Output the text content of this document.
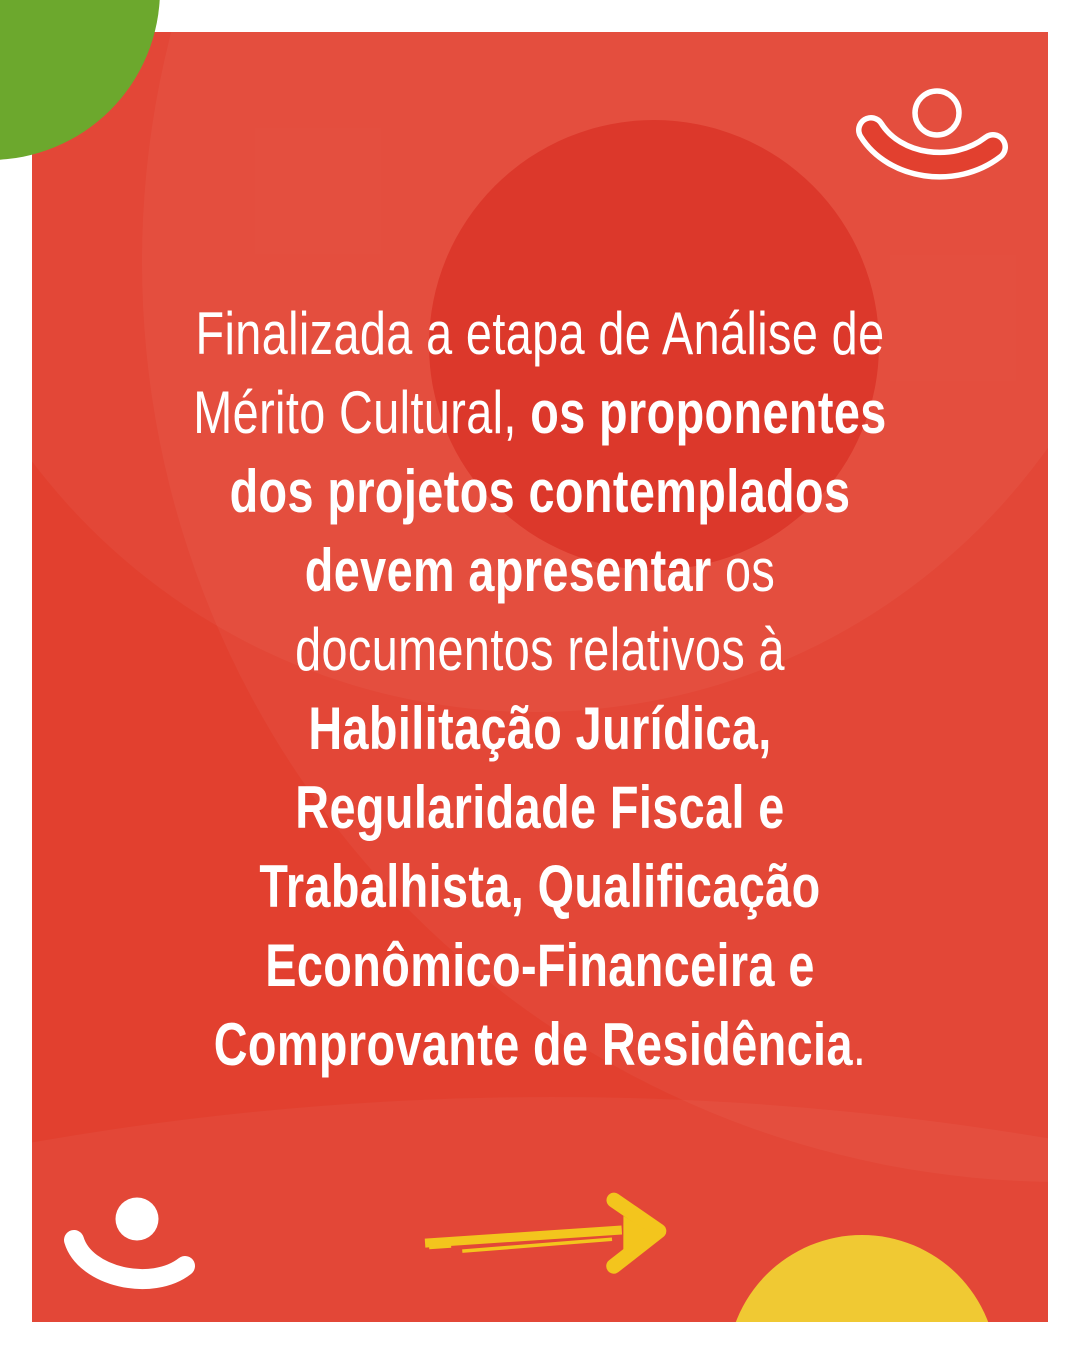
Finalizada a etapa de Análise de
Mérito Cultural, os proponentes
dos projetos contemplados
devem apresentar os
documentos relativos à
Habilitação Jurídica,
Regularidade Fiscal e
Trabalhista, Qualificação
Econômico-Financeira e
Comprovante de Residência.
